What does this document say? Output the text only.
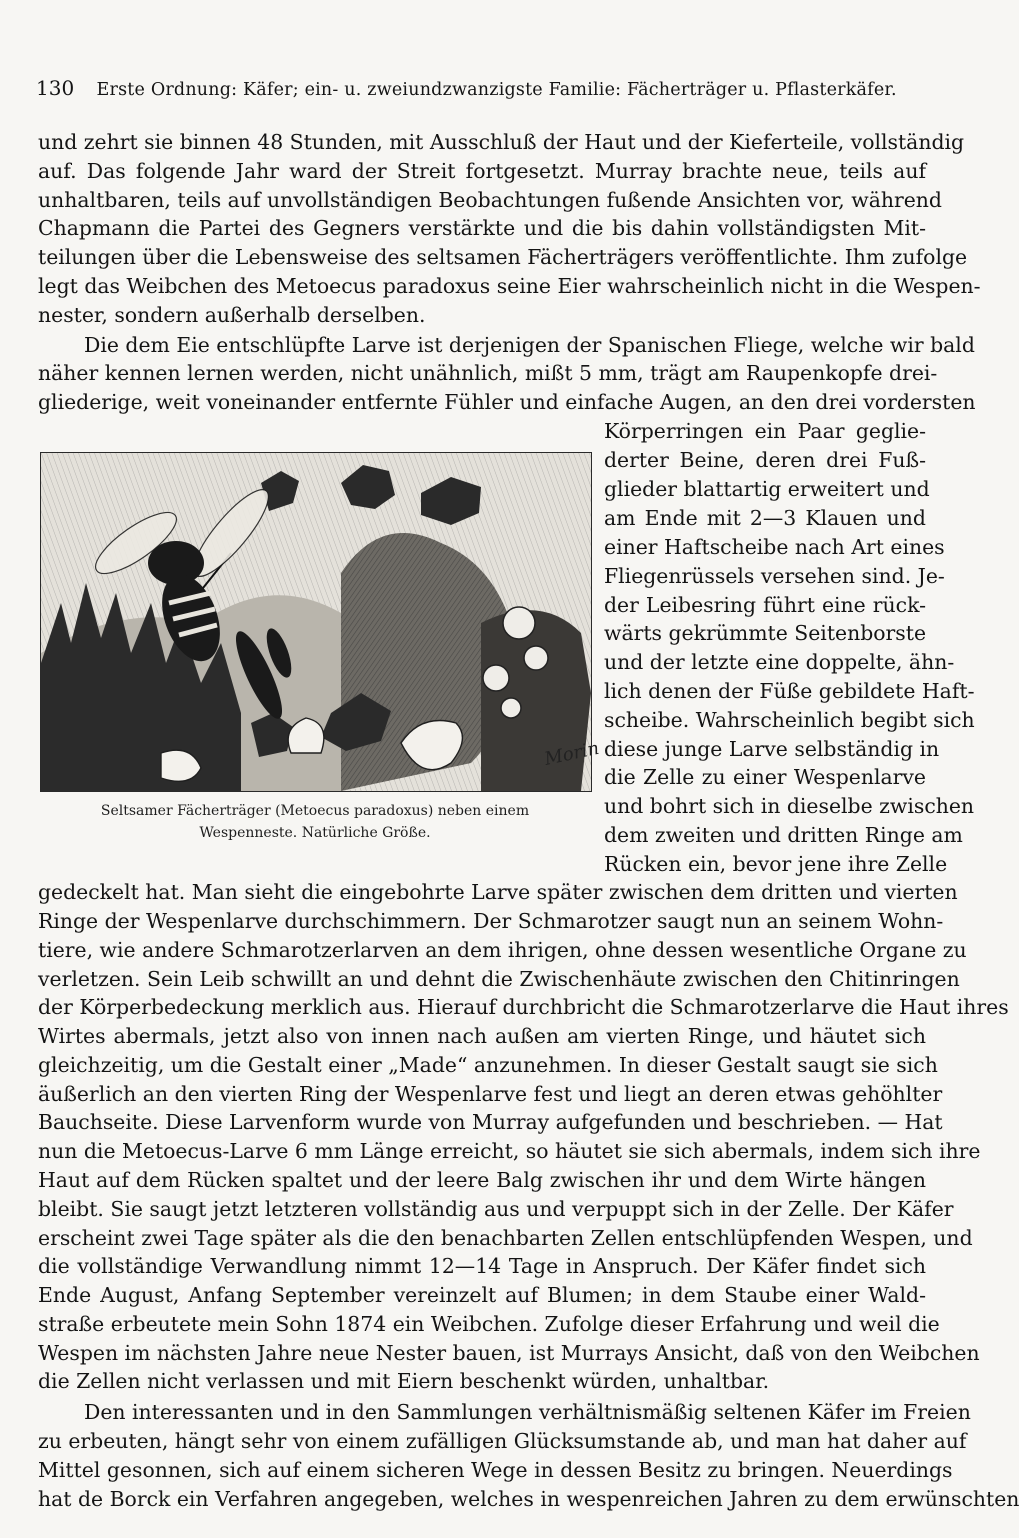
130 Erste Ordnung: Käfer; ein- u. zweiundzwanzigste Familie: Fächerträger u. Pflasterkäfer.
und zehrt sie binnen 48 Stunden, mit Ausschluß der Haut und der Kieferteile, vollständig
auf. Das folgende Jahr ward der Streit fortgesetzt. Murray brachte neue, teils auf
unhaltbaren, teils auf unvollständigen Beobachtungen fußende Ansichten vor, während
Chapmann die Partei des Gegners verstärkte und die bis dahin vollständigsten Mit-
teilungen über die Lebensweise des seltsamen Fächerträgers veröffentlichte. Ihm zufolge
legt das Weibchen des Metoecus paradoxus seine Eier wahrscheinlich nicht in die Wespen-
nester, sondern außerhalb derselben.
Die dem Eie entschlüpfte Larve ist derjenigen der Spanischen Fliege, welche wir bald
näher kennen lernen werden, nicht unähnlich, mißt 5 mm, trägt am Raupenkopfe drei-
gliederige, weit voneinander entfernte Fühler und einfache Augen, an den drei vordersten
Körperringen ein Paar geglie-
derter Beine, deren drei Fuß-
glieder blattartig erweitert und
am Ende mit 2—3 Klauen und
einer Haftscheibe nach Art eines
Fliegenrüssels versehen sind. Je-
der Leibesring führt eine rück-
wärts gekrümmte Seitenborste
und der letzte eine doppelte, ähn-
lich denen der Füße gebildete Haft-
scheibe. Wahrscheinlich begibt sich
diese junge Larve selbständig in
die Zelle zu einer Wespenlarve
und bohrt sich in dieselbe zwischen
dem zweiten und dritten Ringe am
Rücken ein, bevor jene ihre Zelle
gedeckelt hat. Man sieht die eingebohrte Larve später zwischen dem dritten und vierten
Ringe der Wespenlarve durchschimmern. Der Schmarotzer saugt nun an seinem Wohn-
tiere, wie andere Schmarotzerlarven an dem ihrigen, ohne dessen wesentliche Organe zu
verletzen. Sein Leib schwillt an und dehnt die Zwischenhäute zwischen den Chitinringen
der Körperbedeckung merklich aus. Hierauf durchbricht die Schmarotzerlarve die Haut ihres
Wirtes abermals, jetzt also von innen nach außen am vierten Ringe, und häutet sich
gleichzeitig, um die Gestalt einer „Made“ anzunehmen. In dieser Gestalt saugt sie sich
äußerlich an den vierten Ring der Wespenlarve fest und liegt an deren etwas gehöhlter
Bauchseite. Diese Larvenform wurde von Murray aufgefunden und beschrieben. — Hat
nun die Metoecus-Larve 6 mm Länge erreicht, so häutet sie sich abermals, indem sich ihre
Haut auf dem Rücken spaltet und der leere Balg zwischen ihr und dem Wirte hängen
bleibt. Sie saugt jetzt letzteren vollständig aus und verpuppt sich in der Zelle. Der Käfer
erscheint zwei Tage später als die den benachbarten Zellen entschlüpfenden Wespen, und
die vollständige Verwandlung nimmt 12—14 Tage in Anspruch. Der Käfer findet sich
Ende August, Anfang September vereinzelt auf Blumen; in dem Staube einer Wald-
straße erbeutete mein Sohn 1874 ein Weibchen. Zufolge dieser Erfahrung und weil die
Wespen im nächsten Jahre neue Nester bauen, ist Murrays Ansicht, daß von den Weibchen
die Zellen nicht verlassen und mit Eiern beschenkt würden, unhaltbar.
Den interessanten und in den Sammlungen verhältnismäßig seltenen Käfer im Freien
zu erbeuten, hängt sehr von einem zufälligen Glücksumstande ab, und man hat daher auf
Mittel gesonnen, sich auf einem sicheren Wege in dessen Besitz zu bringen. Neuerdings
hat de Borck ein Verfahren angegeben, welches in wespenreichen Jahren zu dem erwünschten
Morin
Seltsamer Fächerträger (Metoecus paradoxus) neben einem
Wespenneste. Natürliche Größe.
